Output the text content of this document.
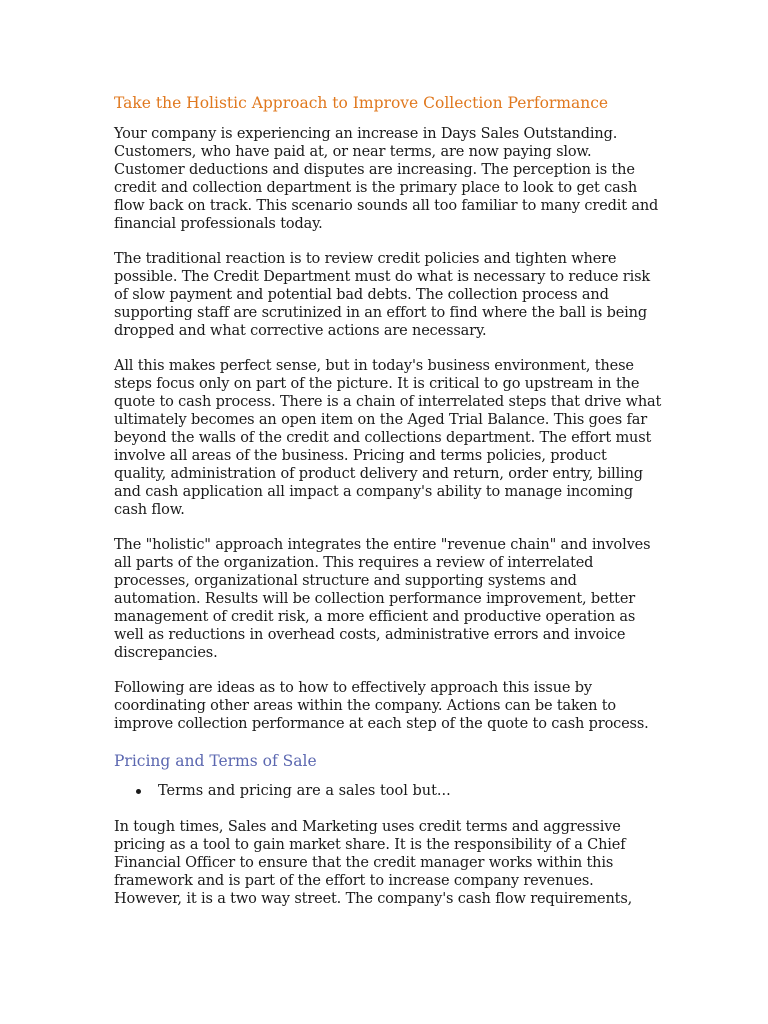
Take the Holistic Approach to Improve Collection Performance

Your company is experiencing an increase in Days Sales Outstanding. Customers, who have paid at, or near terms, are now paying slow. Customer deductions and disputes are increasing. The perception is the credit and collection department is the primary place to look to get cash flow back on track. This scenario sounds all too familiar to many credit and financial professionals today.

The traditional reaction is to review credit policies and tighten where possible. The Credit Department must do what is necessary to reduce risk of slow payment and potential bad debts. The collection process and supporting staff are scrutinized in an effort to find where the ball is being dropped and what corrective actions are necessary.

All this makes perfect sense, but in today's business environment, these steps focus only on part of the picture. It is critical to go upstream in the quote to cash process. There is a chain of interrelated steps that drive what ultimately becomes an open item on the Aged Trial Balance. This goes far beyond the walls of the credit and collections department. The effort must involve all areas of the business. Pricing and terms policies, product quality, administration of product delivery and return, order entry, billing and cash application all impact a company's ability to manage incoming cash flow.

The "holistic" approach integrates the entire "revenue chain" and involves all parts of the organization. This requires a review of interrelated processes, organizational structure and supporting systems and automation. Results will be collection performance improvement, better management of credit risk, a more efficient and productive operation as well as reductions in overhead costs, administrative errors and invoice discrepancies.

Following are ideas as to how to effectively approach this issue by coordinating other areas within the company. Actions can be taken to improve collection performance at each step of the quote to cash process.

Pricing and Terms of Sale
Terms and pricing are a sales tool but...

In tough times, Sales and Marketing uses credit terms and aggressive pricing as a tool to gain market share. It is the responsibility of a Chief Financial Officer to ensure that the credit manager works within this framework and is part of the effort to increase company revenues. However, it is a two way street. The company's cash flow requirements,
